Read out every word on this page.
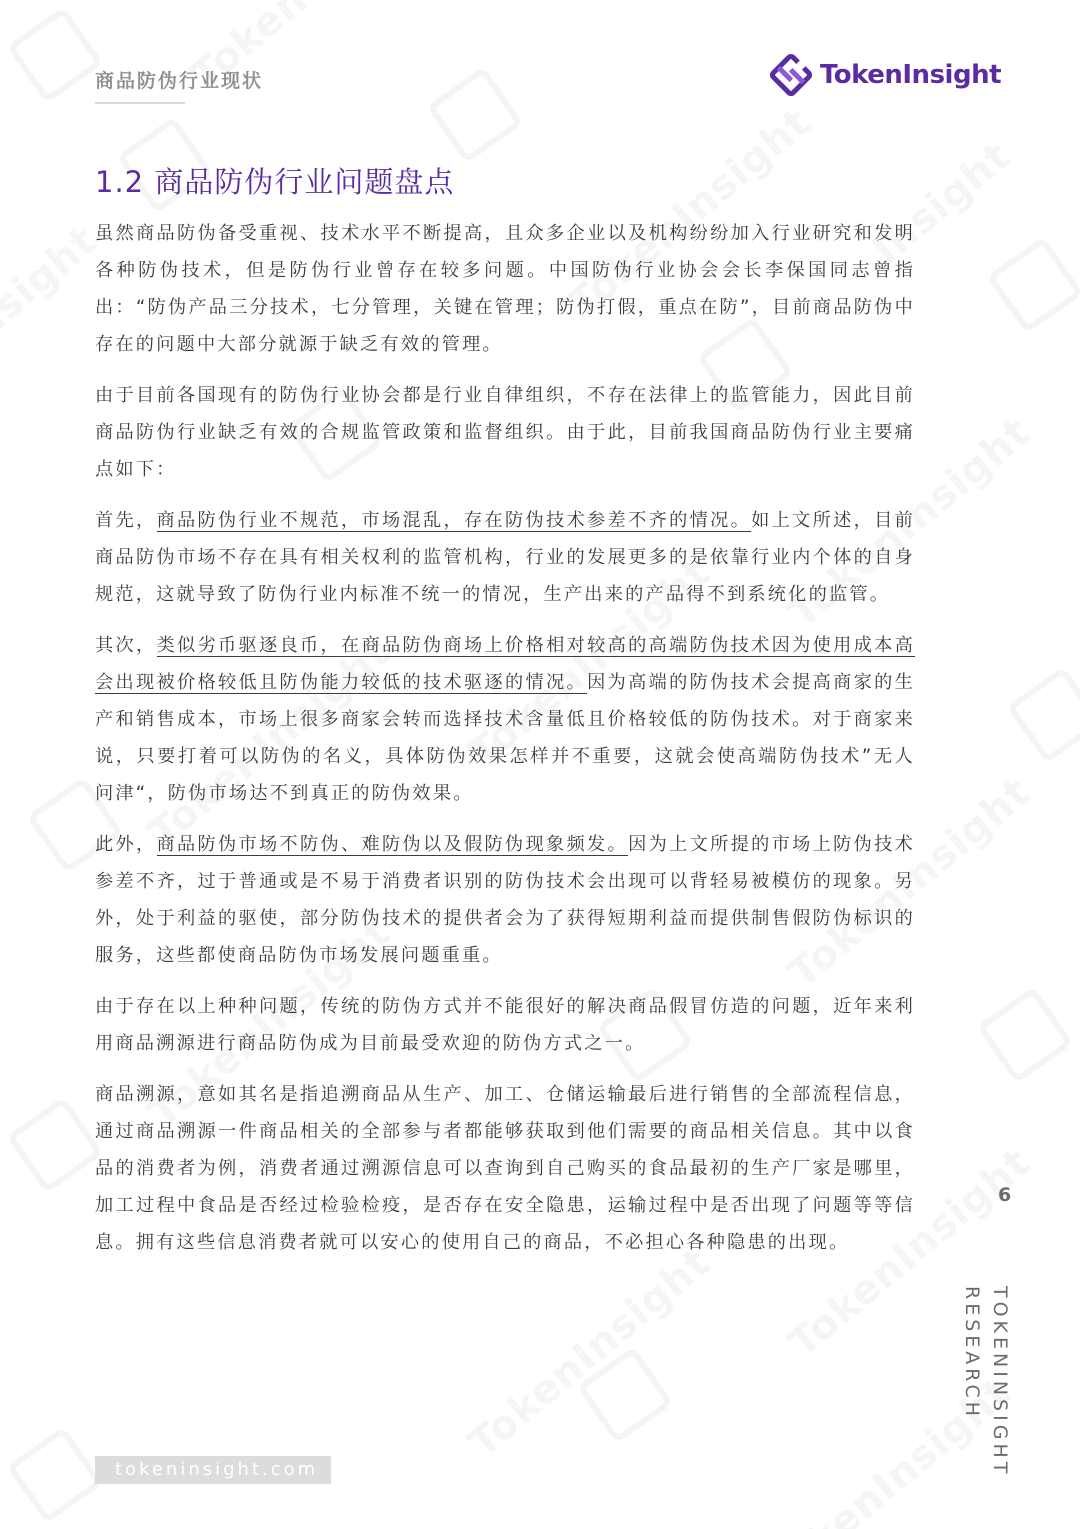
商品防伪行业现状	TokenInsight
1.2 商品防伪行业问题盘点

虽然商品防伪备受重视、技术水平不断提高，且众多企业以及机构纷纷加入行业研究和发明各种防伪技术，但是防伪行业曾存在较多问题。中国防伪行业协会会长李保国同志曾指出：“防伪产品三分技术，七分管理，关键在管理；防伪打假，重点在防”，目前商品防伪中存在的问题中大部分就源于缺乏有效的管理。

由于目前各国现有的防伪行业协会都是行业自律组织，不存在法律上的监管能力，因此目前商品防伪行业缺乏有效的合规监管政策和监督组织。由于此，目前我国商品防伪行业主要痛点如下：

首先，商品防伪行业不规范，市场混乱，存在防伪技术参差不齐的情况。如上文所述，目前商品防伪市场不存在具有相关权利的监管机构，行业的发展更多的是依靠行业内个体的自身规范，这就导致了防伪行业内标准不统一的情况，生产出来的产品得不到系统化的监管。

其次，类似劣币驱逐良币，在商品防伪商场上价格相对较高的高端防伪技术因为使用成本高会出现被价格较低且防伪能力较低的技术驱逐的情况。因为高端的防伪技术会提高商家的生产和销售成本，市场上很多商家会转而选择技术含量低且价格较低的防伪技术。对于商家来说，只要打着可以防伪的名义，具体防伪效果怎样并不重要，这就会使高端防伪技术”无人问津“，防伪市场达不到真正的防伪效果。

此外，商品防伪市场不防伪、难防伪以及假防伪现象频发。因为上文所提的市场上防伪技术参差不齐，过于普通或是不易于消费者识别的防伪技术会出现可以背轻易被模仿的现象。另外，处于利益的驱使，部分防伪技术的提供者会为了获得短期利益而提供制售假防伪标识的服务，这些都使商品防伪市场发展问题重重。

由于存在以上种种问题，传统的防伪方式并不能很好的解决商品假冒仿造的问题，近年来利用商品溯源进行商品防伪成为目前最受欢迎的防伪方式之一。

商品溯源，意如其名是指追溯商品从生产、加工、仓储运输最后进行销售的全部流程信息，通过商品溯源一件商品相关的全部参与者都能够获取到他们需要的商品相关信息。其中以食品的消费者为例，消费者通过溯源信息可以查询到自己购买的食品最初的生产厂家是哪里，加工过程中食品是否经过检验检疫，是否存在安全隐患，运输过程中是否出现了问题等等信息。拥有这些信息消费者就可以安心的使用自己的商品，不必担心各种隐患的出现。

6
TOKENINSIGHT
RESEARCH
tokeninsight.com
